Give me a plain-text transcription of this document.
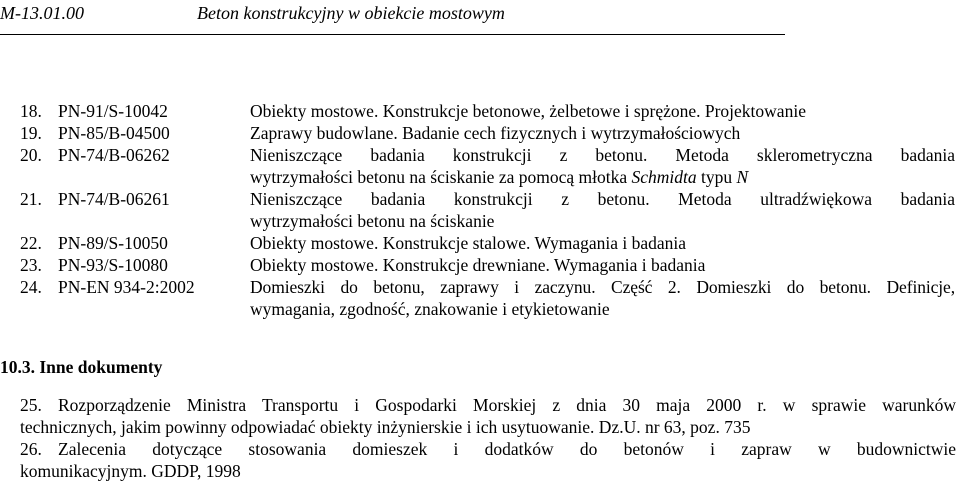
M-13.01.00	Beton konstrukcyjny w obiekcie mostowym
18. PN-91/S-10042	Obiekty mostowe. Konstrukcje betonowe, żelbetowe i sprężone. Projektowanie
19. PN-85/B-04500	Zaprawy budowlane. Badanie cech fizycznych i wytrzymałościowych
20. PN-74/B-06262	Nieniszczące badania konstrukcji z betonu. Metoda sklerometryczna badania
wytrzymałości betonu na ściskanie za pomocą młotka Schmidta typu N
21. PN-74/B-06261	Nieniszczące badania konstrukcji z betonu. Metoda ultradźwiękowa badania
wytrzymałości betonu na ściskanie
22. PN-89/S-10050	Obiekty mostowe. Konstrukcje stalowe. Wymagania i badania
23. PN-93/S-10080	Obiekty mostowe. Konstrukcje drewniane. Wymagania i badania
24. PN-EN 934-2:2002	Domieszki do betonu, zaprawy i zaczynu. Część 2. Domieszki do betonu. Definicje,
wymagania, zgodność, znakowanie i etykietowanie
10.3. Inne dokumenty
25. Rozporządzenie Ministra Transportu i Gospodarki Morskiej z dnia 30 maja 2000 r. w sprawie warunków
technicznych, jakim powinny odpowiadać obiekty inżynierskie i ich usytuowanie. Dz.U. nr 63, poz. 735
26. Zalecenia dotyczące stosowania domieszek i dodatków do betonów i zapraw w budownictwie
komunikacyjnym. GDDP, 1998
